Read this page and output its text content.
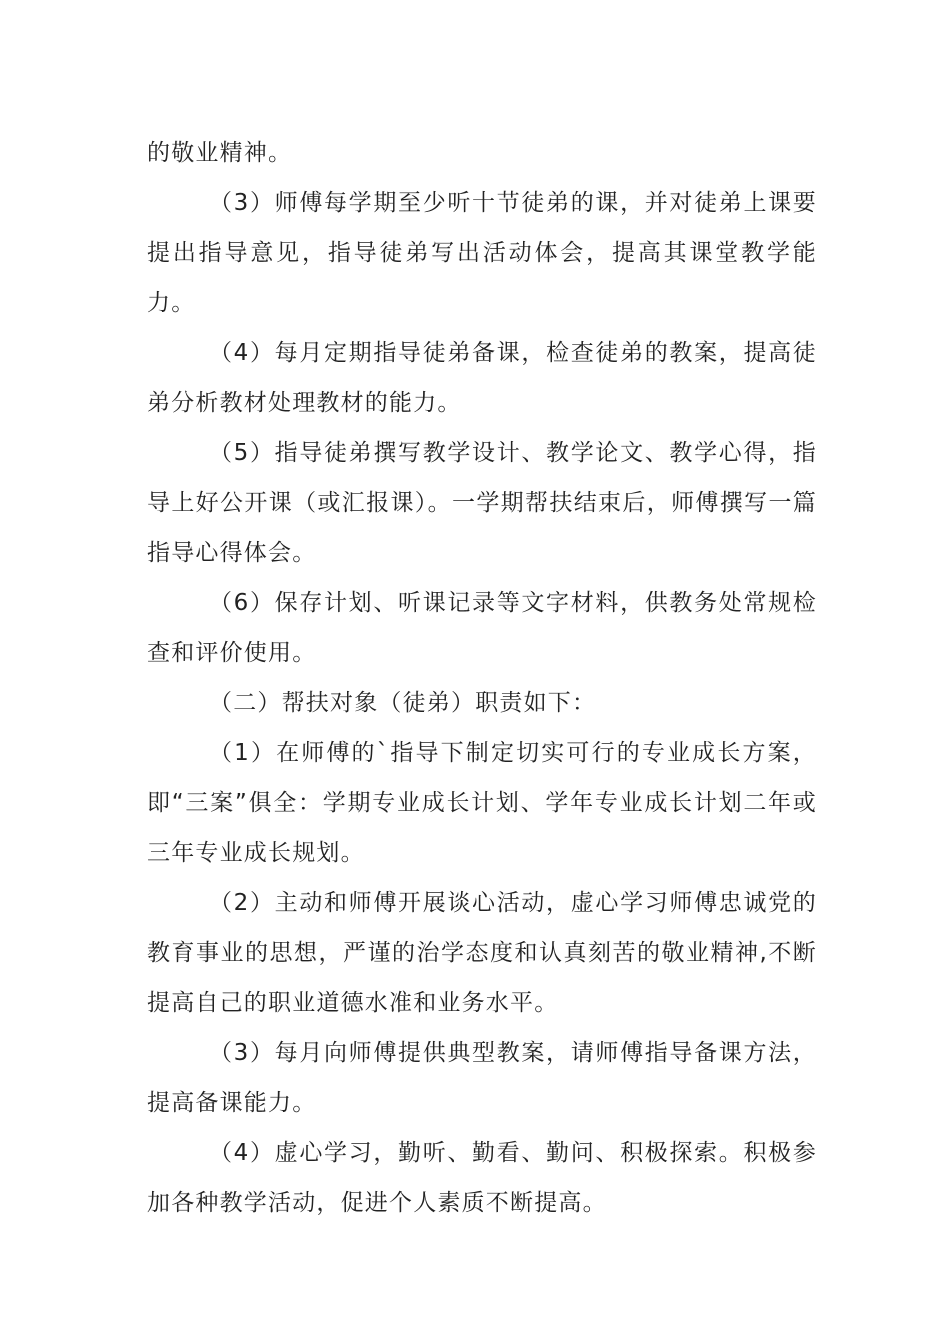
的敬业精神。

（3）师傅每学期至少听十节徒弟的课，并对徒弟上课要提出指导意见，指导徒弟写出活动体会，提高其课堂教学能力。

（4）每月定期指导徒弟备课，检查徒弟的教案，提高徒弟分析教材处理教材的能力。

（5）指导徒弟撰写教学设计、教学论文、教学心得，指导上好公开课（或汇报课）。一学期帮扶结束后，师傅撰写一篇指导心得体会。

（6）保存计划、听课记录等文字材料，供教务处常规检查和评价使用。

（二）帮扶对象（徒弟）职责如下：

（1）在师傅的`指导下制定切实可行的专业成长方案，即“三案”俱全：学期专业成长计划、学年专业成长计划二年或三年专业成长规划。

（2）主动和师傅开展谈心活动，虚心学习师傅忠诚党的教育事业的思想，严谨的治学态度和认真刻苦的敬业精神,不断提高自己的职业道德水准和业务水平。

（3）每月向师傅提供典型教案，请师傅指导备课方法，提高备课能力。

（4）虚心学习，勤听、勤看、勤问、积极探索。积极参加各种教学活动，促进个人素质不断提高。
